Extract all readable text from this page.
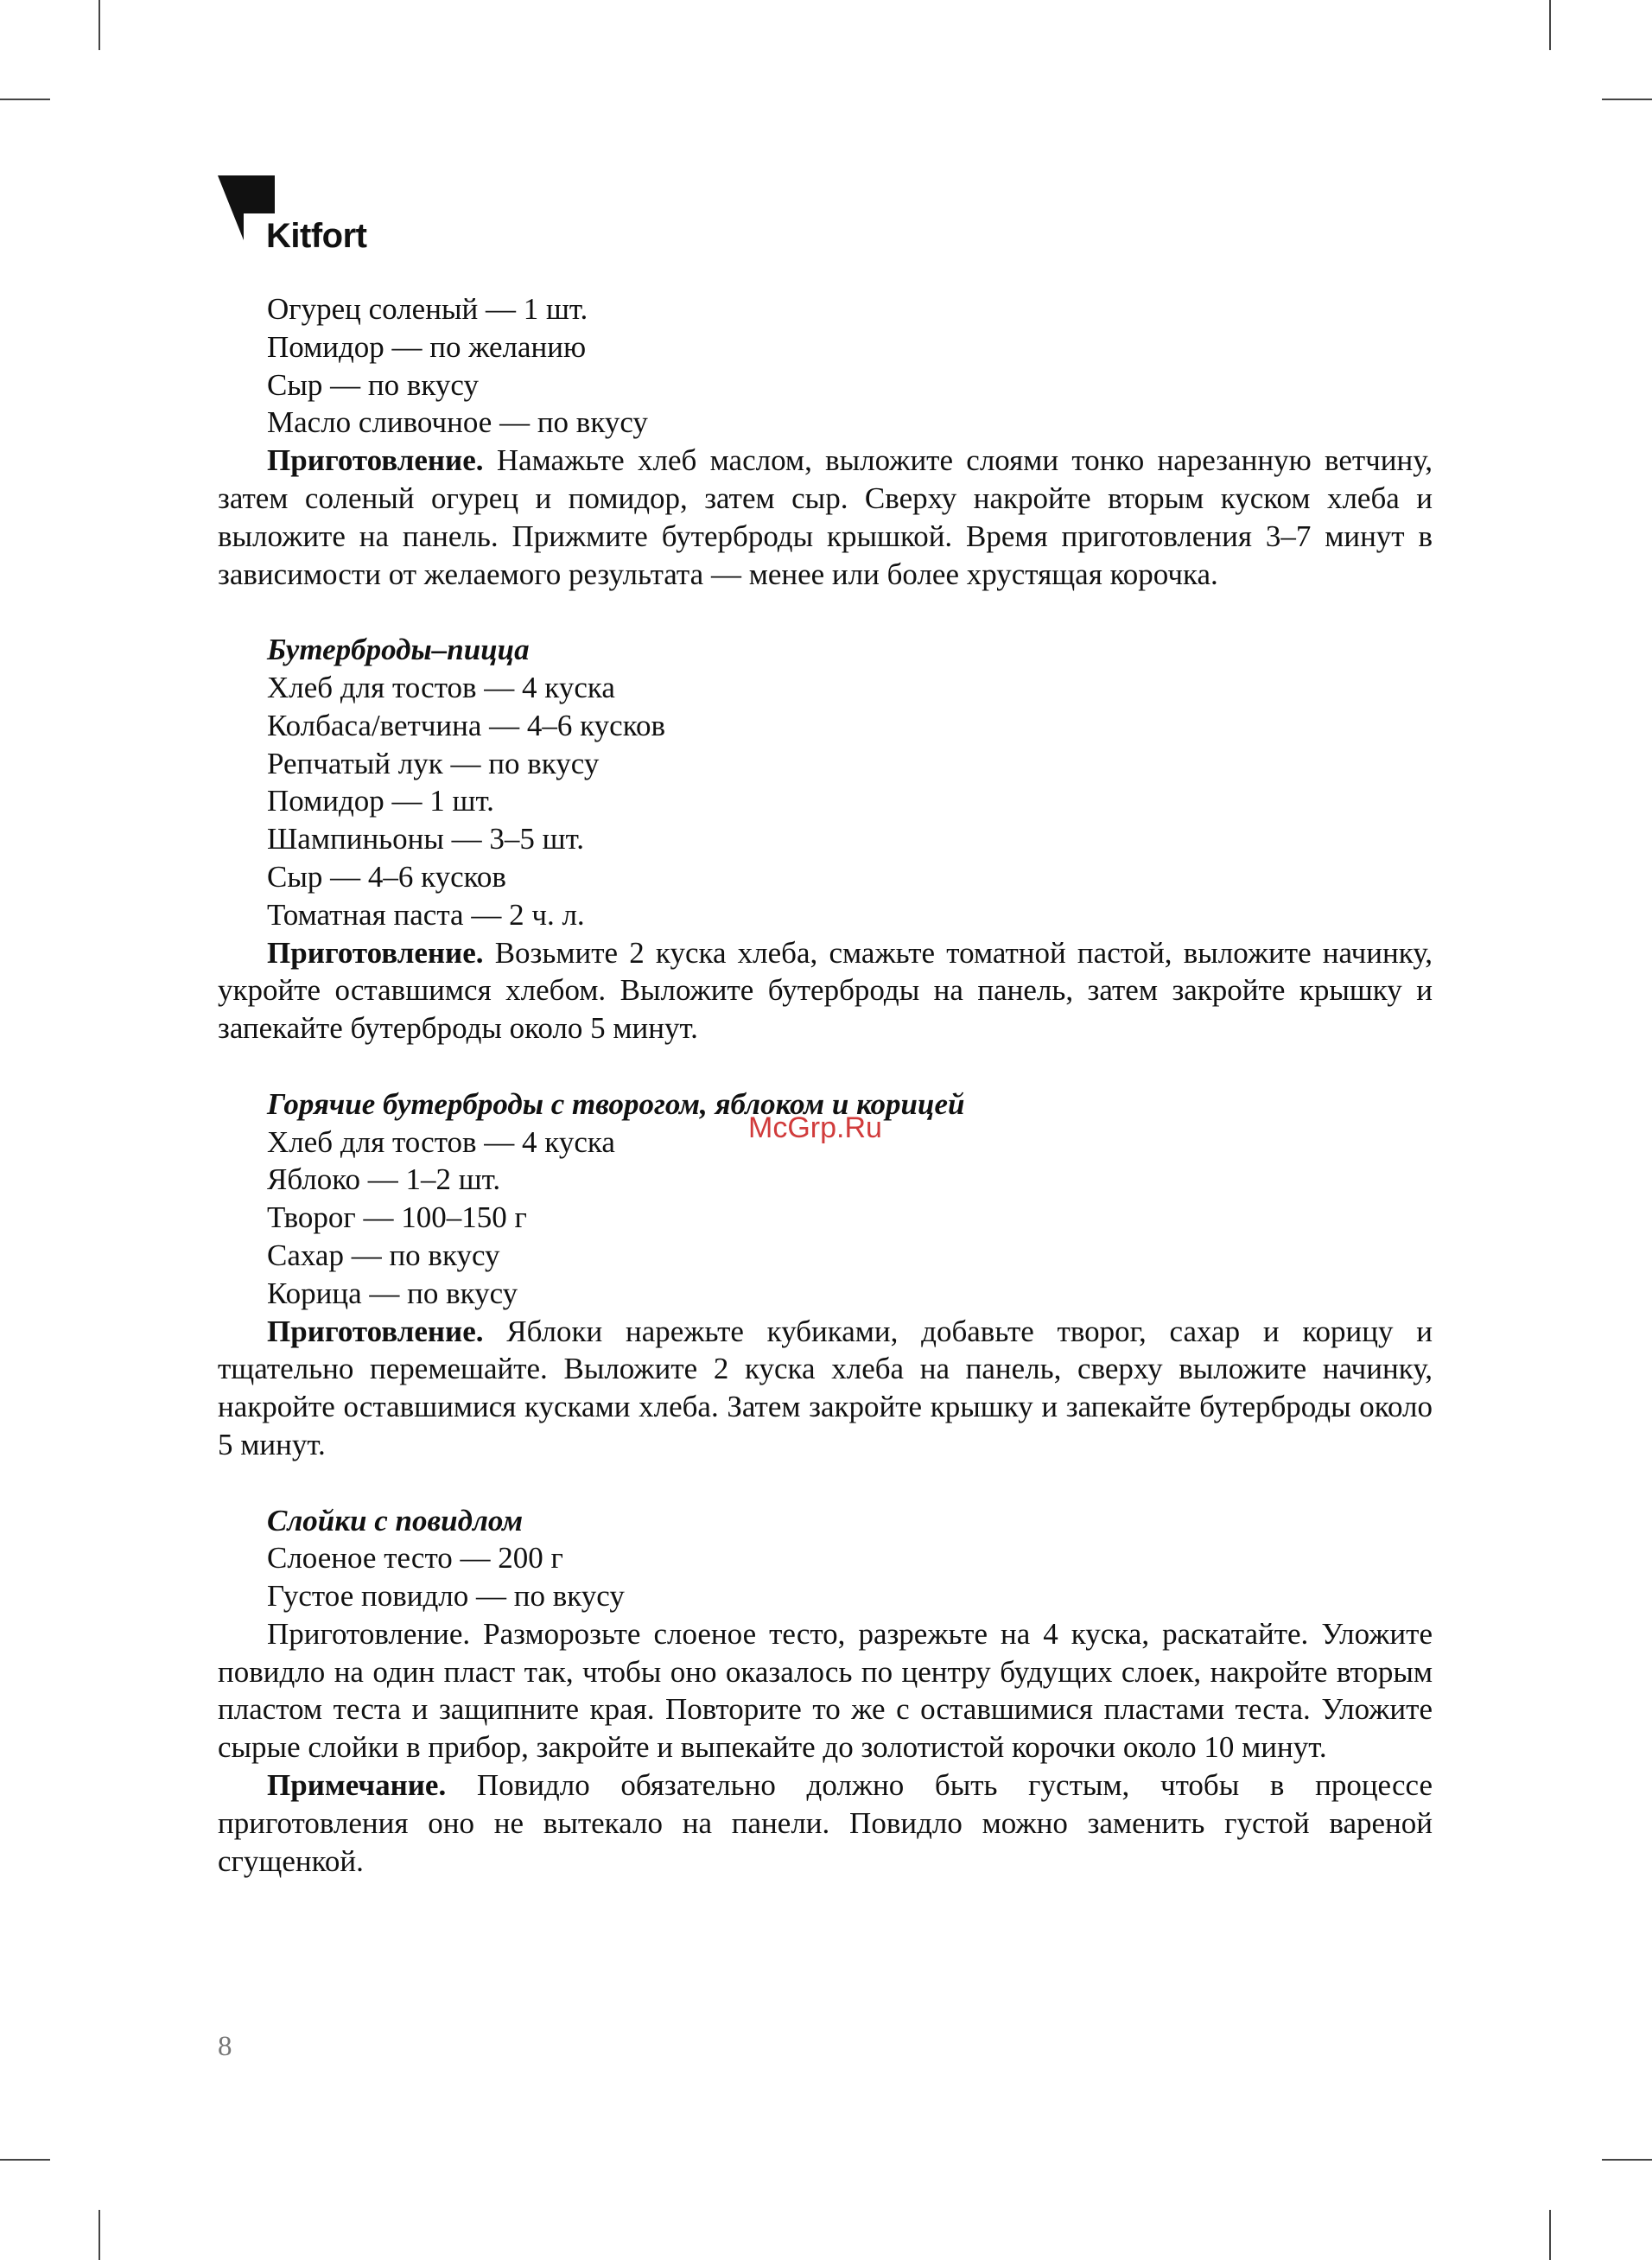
Kitfort

Огурец соленый — 1 шт.

Помидор — по желанию

Сыр — по вкусу

Масло сливочное — по вкусу

Приготовление. Намажьте хлеб маслом, выложите слоями тонко нарезанную ветчину, затем соленый огурец и помидор, затем сыр. Сверху накройте вторым куском хлеба и выложите на панель. Прижмите бутерброды крышкой. Время приготовления 3–7 минут в зависимости от желаемого результата — менее или более хрустящая корочка.

Бутерброды–пицца

Хлеб для тостов — 4 куска

Колбаса/ветчина — 4–6 кусков

Репчатый лук — по вкусу

Помидор — 1 шт.

Шампиньоны — 3–5 шт.

Сыр — 4–6 кусков

Томатная паста — 2 ч. л.

Приготовление. Возьмите 2 куска хлеба, смажьте томатной пастой, выложите начинку, укройте оставшимся хлебом. Выложите бутерброды на панель, затем закройте крышку и запекайте бутерброды около 5 минут.

Горячие бутерброды с творогом, яблоком и корицей

Хлеб для тостов — 4 куска

Яблоко — 1–2 шт.

Творог — 100–150 г

Сахар — по вкусу

Корица — по вкусу

Приготовление. Яблоки нарежьте кубиками, добавьте творог, сахар и корицу и тщательно перемешайте. Выложите 2 куска хлеба на панель, сверху выложите начинку, накройте оставшимися кусками хлеба. Затем закройте крышку и запекайте бутерброды около 5 минут.

Слойки с повидлом

Слоеное тесто — 200 г

Густое повидло — по вкусу

Приготовление. Разморозьте слоеное тесто, разрежьте на 4 куска, раскатайте. Уложите повидло на один пласт так, чтобы оно оказалось по центру будущих слоек, накройте вторым пластом теста и защипните края. Повторите то же с оставшимися пластами теста. Уложите сырые слойки в прибор, закройте и выпекайте до золотистой корочки около 10 минут.

Примечание. Повидло обязательно должно быть густым, чтобы в процессе приготовления оно не вытекало на панели. Повидло можно заменить густой вареной сгущенкой.

McGrp.Ru
8
